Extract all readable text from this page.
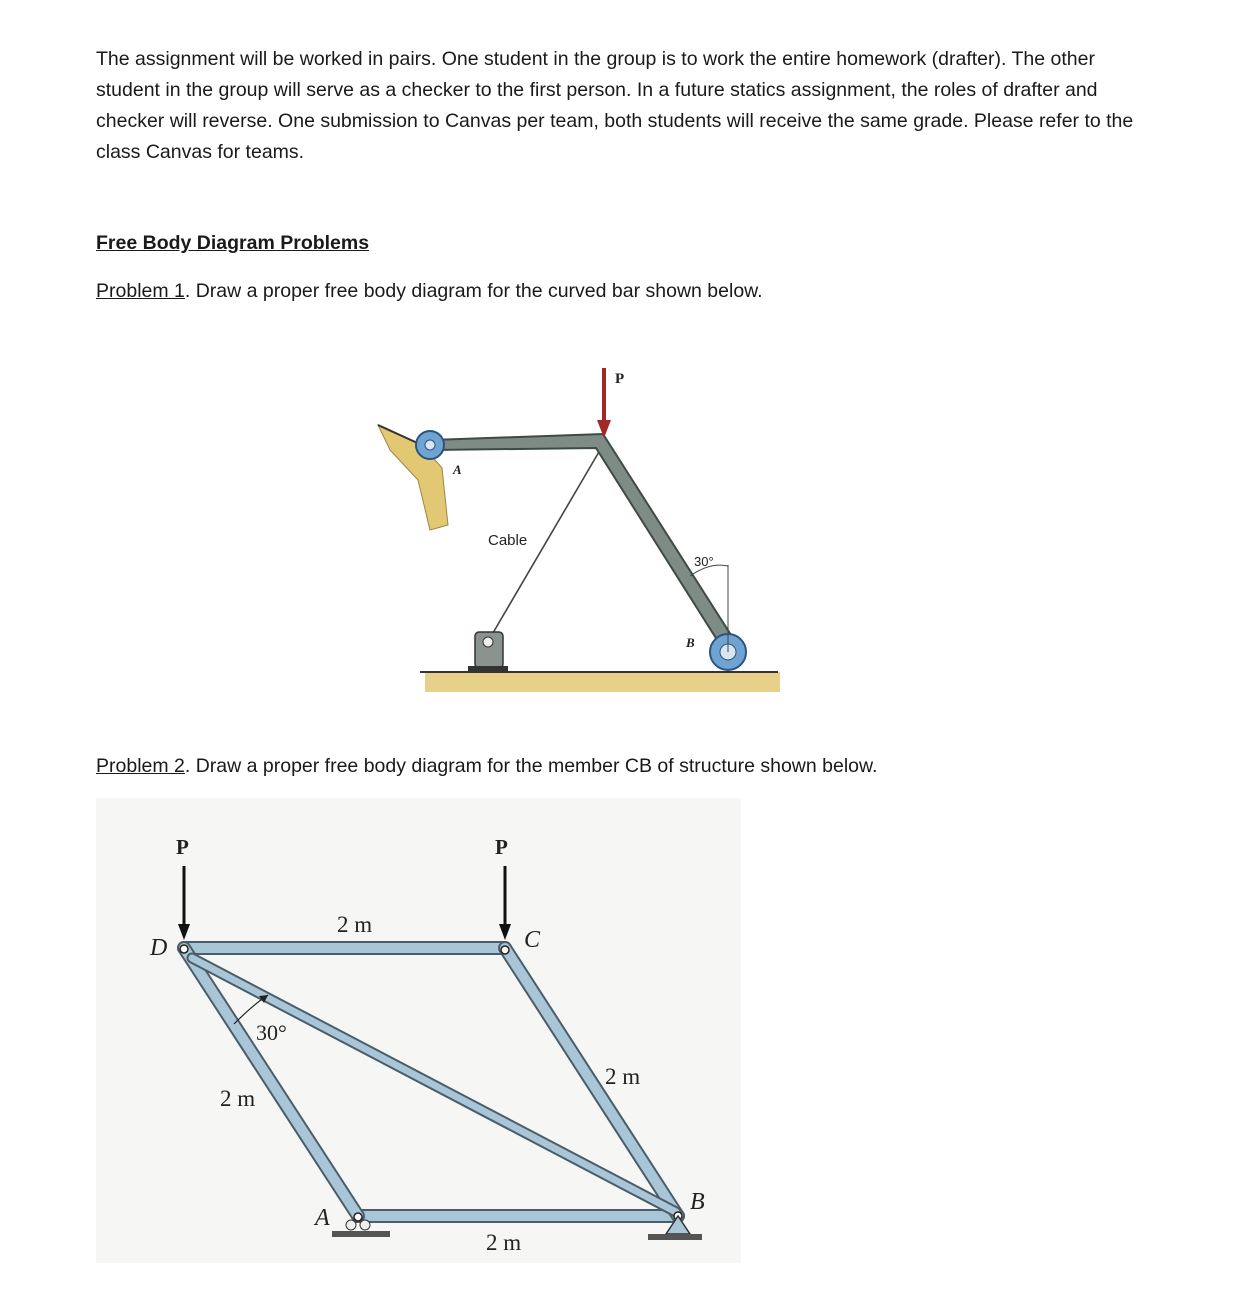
The assignment will be worked in pairs. One student in the group is to work the entire homework (drafter). The other student in the group will serve as a checker to the first person. In a future statics assignment, the roles of drafter and checker will reverse. One submission to Canvas per team, both students will receive the same grade. Please refer to the class Canvas for teams.
Free Body Diagram Problems
Problem 1. Draw a proper free body diagram for the curved bar shown below.
P
A
Cable
30°
B
Problem 2. Draw a proper free body diagram for the member CB of structure shown below.
P	P
D	C
A
B
2 m
2 m
2 m
2 m
30°
